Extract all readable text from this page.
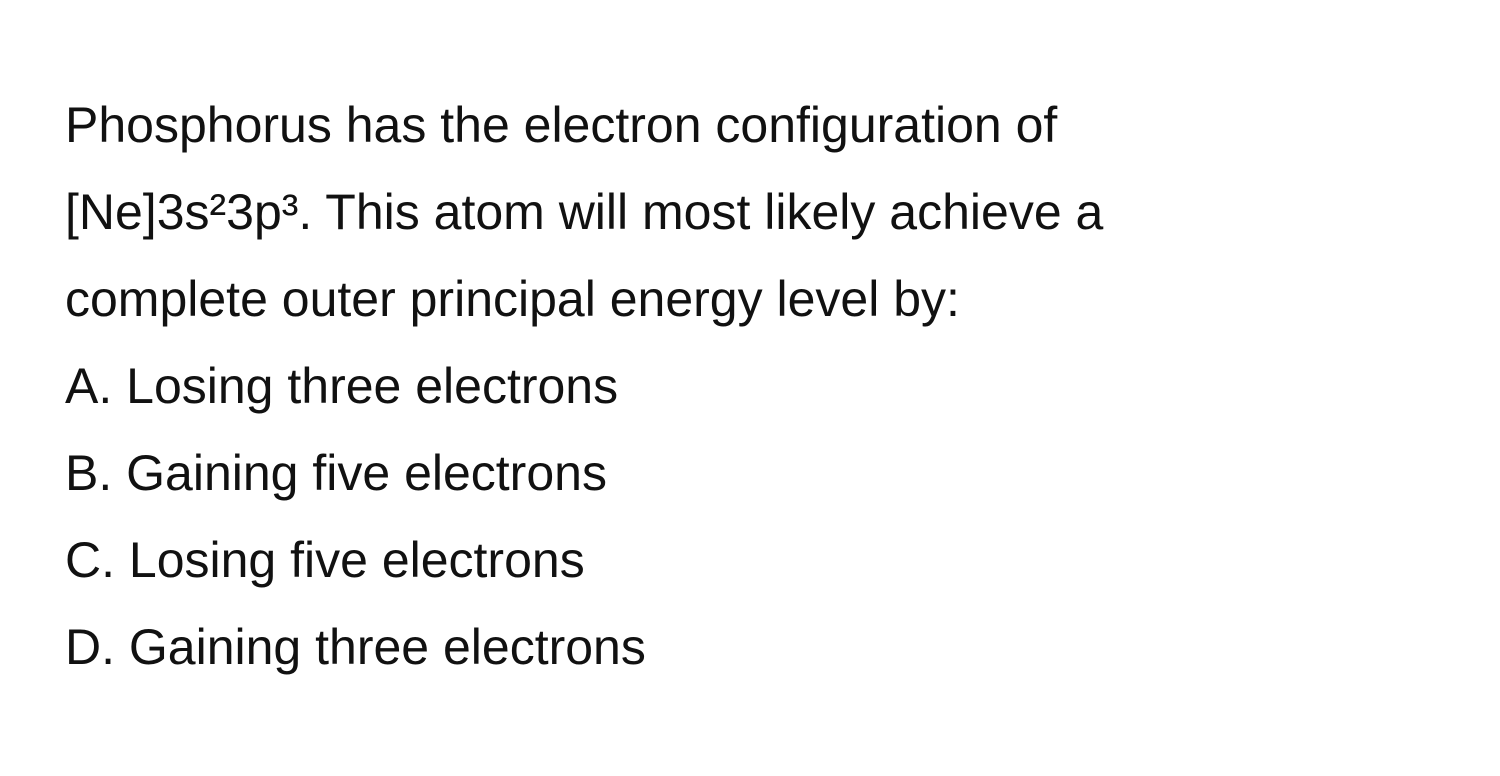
Phosphorus has the electron configuration of
[Ne]3s²3p³. This atom will most likely achieve a
complete outer principal energy level by:
A. Losing three electrons
B. Gaining five electrons
C. Losing five electrons
D. Gaining three electrons
